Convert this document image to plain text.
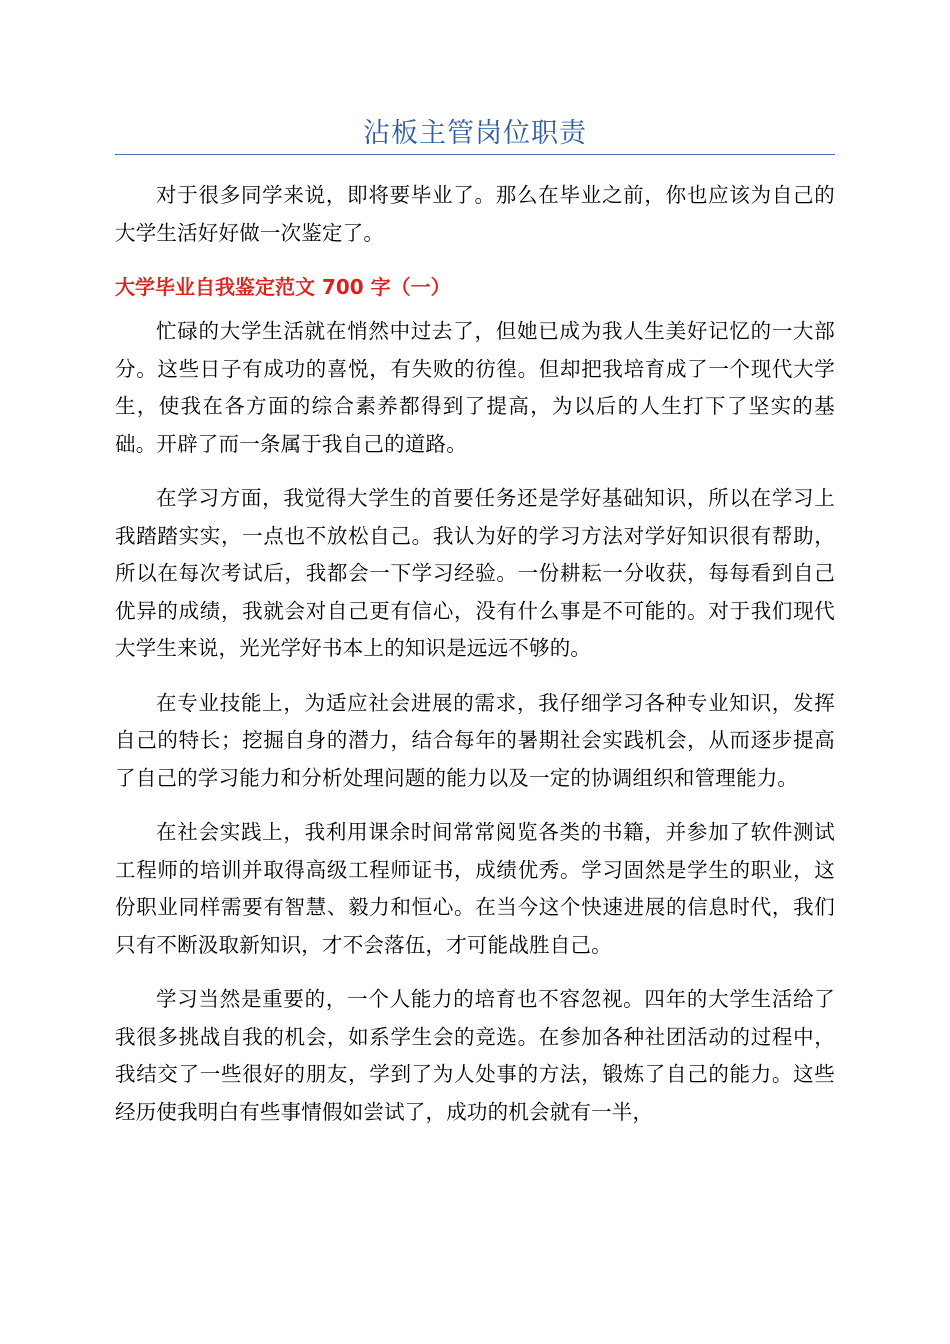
沾板主管岗位职责

对于很多同学来说，即将要毕业了。那么在毕业之前，你也应该为自己的大学生活好好做一次鉴定了。

大学毕业自我鉴定范文 700 字（一）

忙碌的大学生活就在悄然中过去了，但她已成为我人生美好记忆的一大部分。这些日子有成功的喜悦，有失败的彷徨。但却把我培育成了一个现代大学生，使我在各方面的综合素养都得到了提高，为以后的人生打下了坚实的基础。开辟了而一条属于我自己的道路。

在学习方面，我觉得大学生的首要任务还是学好基础知识，所以在学习上我踏踏实实，一点也不放松自己。我认为好的学习方法对学好知识很有帮助，所以在每次考试后，我都会一下学习经验。一份耕耘一分收获，每每看到自己优异的成绩，我就会对自己更有信心，没有什么事是不可能的。对于我们现代大学生来说，光光学好书本上的知识是远远不够的。

在专业技能上，为适应社会进展的需求，我仔细学习各种专业知识，发挥自己的特长；挖掘自身的潜力，结合每年的暑期社会实践机会，从而逐步提高了自己的学习能力和分析处理问题的能力以及一定的协调组织和管理能力。

在社会实践上，我利用课余时间常常阅览各类的书籍，并参加了软件测试工程师的培训并取得高级工程师证书，成绩优秀。学习固然是学生的职业，这份职业同样需要有智慧、毅力和恒心。在当今这个快速进展的信息时代，我们只有不断汲取新知识，才不会落伍，才可能战胜自己。

学习当然是重要的，一个人能力的培育也不容忽视。四年的大学生活给了我很多挑战自我的机会，如系学生会的竞选。在参加各种社团活动的过程中，我结交了一些很好的朋友，学到了为人处事的方法，锻炼了自己的能力。这些经历使我明白有些事情假如尝试了，成功的机会就有一半，
